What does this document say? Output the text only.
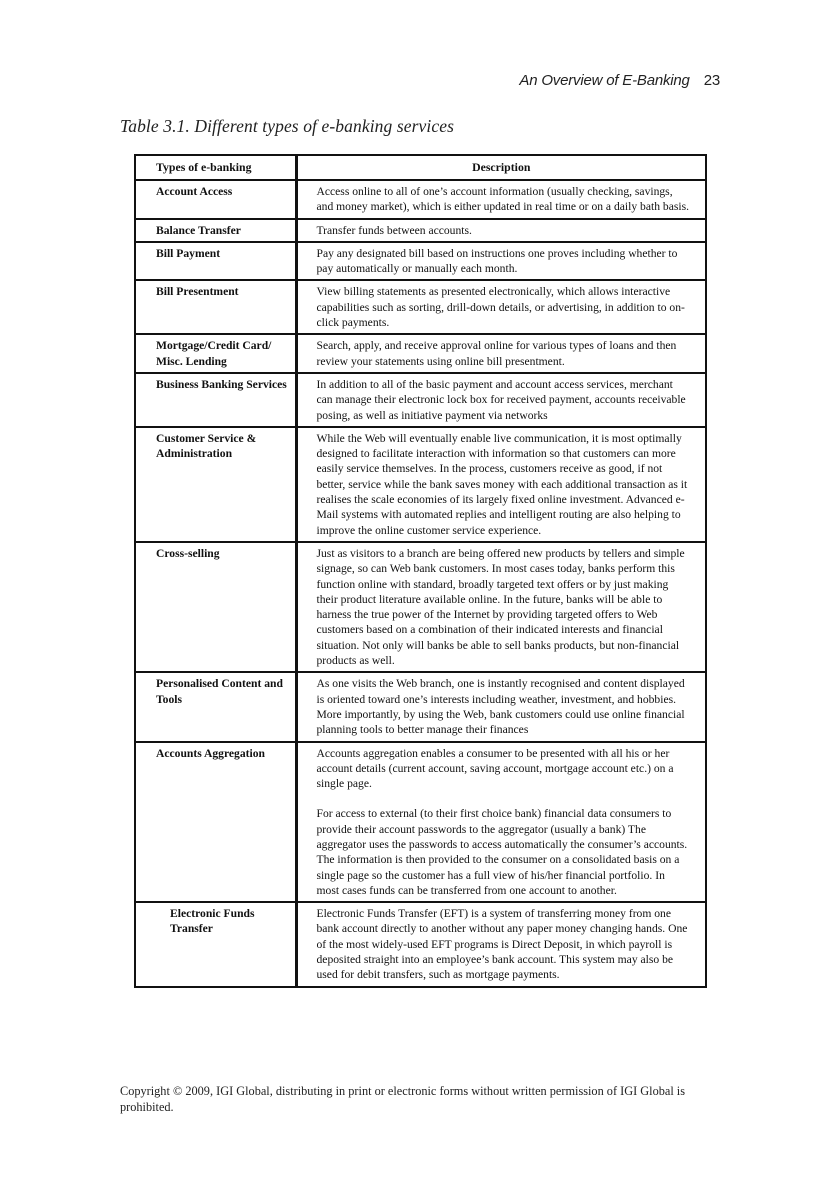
An Overview of E-Banking 23
Table 3.1. Different types of e-banking services
Types of e-banking	Description
Account Access	Access online to all of one’s account information (usually checking, savings, and money market), which is either updated in real time or on a daily bath basis.

Balance Transfer	Transfer funds between accounts.

Bill Payment	Pay any designated bill based on instructions one proves including whether to pay automatically or manually each month.

Bill Presentment	View billing statements as presented electronically, which allows interactive capabilities such as sorting, drill-down details, or advertising, in addition to on-click payments.

Mortgage/Credit Card/ Misc. Lending	Search, apply, and receive approval online for various types of loans and then review your statements using online bill presentment.

Business Banking Services	In addition to all of the basic payment and account access services, merchant can manage their electronic lock box for received payment, accounts receivable posing, as well as initiative payment via networks

Customer Service & Administration	While the Web will eventually enable live communication, it is most optimally designed to facilitate interaction with information so that customers can more easily service themselves. In the process, customers receive as good, if not better, service while the bank saves money with each additional transaction as it realises the scale economies of its largely fixed online investment. Advanced e-Mail systems with automated replies and intelligent routing are also helping to improve the online customer service experience.

Cross-selling	Just as visitors to a branch are being offered new products by tellers and simple signage, so can Web bank customers. In most cases today, banks perform this function online with standard, broadly targeted text offers or by just making their product literature available online. In the future, banks will be able to harness the true power of the Internet by providing targeted offers to Web customers based on a combination of their indicated interests and financial situation. Not only will banks be able to sell banks products, but non-financial products as well.

Personalised Content and Tools	As one visits the Web branch, one is instantly recognised and content displayed is oriented toward one’s interests including weather, investment, and hobbies. More importantly, by using the Web, bank customers could use online financial planning tools to better manage their finances

Accounts Aggregation	Accounts aggregation enables a consumer to be presented with all his or her account details (current account, saving account, mortgage account etc.) on a single page.
For access to external (to their first choice bank) financial data consumers to provide their account passwords to the aggregator (usually a bank) The aggregator uses the passwords to access automatically the consumer’s accounts. The information is then provided to the consumer on a consolidated basis on a single page so the customer has a full view of his/her financial portfolio. In most cases funds can be transferred from one account to another.

Electronic Funds Transfer	Electronic Funds Transfer (EFT) is a system of transferring money from one bank account directly to another without any paper money changing hands. One of the most widely-used EFT programs is Direct Deposit, in which payroll is deposited straight into an employee’s bank account. This system may also be used for debit transfers, such as mortgage payments.
Copyright © 2009, IGI Global, distributing in print or electronic forms without written permission of IGI Global is prohibited.
